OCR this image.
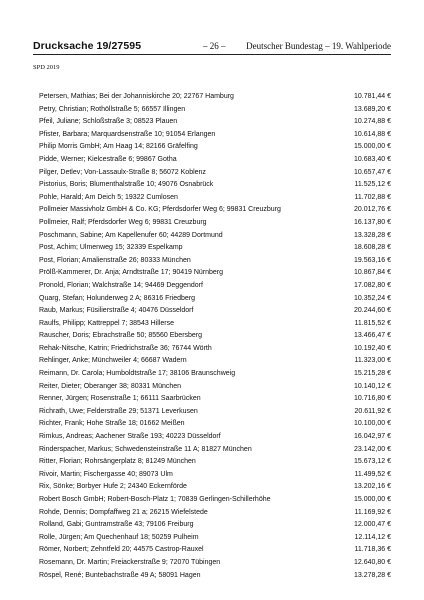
Drucksache 19/27595	– 26 – Deutscher Bundestag – 19. Wahlperiode
SPD 2019
Petersen, Mathias; Bei der Johanniskirche 20; 22767 Hamburg	10.781,44 €
Petry, Christian; Rothöllstraße 5; 66557 Illingen	13.689,20 €
Pfeil, Juliane; Schloßstraße 3; 08523 Plauen	10.274,88 €
Pfister, Barbara; Marquardsenstraße 10; 91054 Erlangen	10.614,88 €
Philip Morris GmbH; Am Haag 14; 82166 Gräfelfing	15.000,00 €
Pidde, Werner; Kielcestraße 6; 99867 Gotha	10.683,40 €
Pilger, Detlev; Von-Lassaulx-Straße 8; 56072 Koblenz	10.657,47 €
Pistorius, Boris; Blumenthalstraße 10; 49076 Osnabrück	11.525,12 €
Pohle, Harald; Am Deich 5; 19322 Cumlosen	11.702,88 €
Pollmeier Massivholz GmbH & Co. KG; Pferdsdorfer Weg 6; 99831 Creuzburg	20.012,76 €
Pollmeier, Ralf; Pferdsdorfer Weg 6; 99831 Creuzburg	16.137,80 €
Poschmann, Sabine; Am Kapellenufer 60; 44289 Dortmund	13.328,28 €
Post, Achim; Ulmenweg 15; 32339 Espelkamp	18.608,28 €
Post, Florian; Amalienstraße 26; 80333 München	19.563,16 €
Prölß-Kammerer, Dr. Anja; Arndtstraße 17; 90419 Nürnberg	10.867,84 €
Pronold, Florian; Walchstraße 14; 94469 Deggendorf	17.082,80 €
Quarg, Stefan; Holunderweg 2 A; 86316 Friedberg	10.352,24 €
Raub, Markus; Füsilierstraße 4; 40476 Düsseldorf	20.244,60 €
Raulfs, Philipp; Kattreppel 7; 38543 Hillerse	11.815,52 €
Rauscher, Doris; Ebrachstraße 50; 85560 Ebersberg	13.466,47 €
Rehak-Nitsche, Katrin; Friedrichstraße 36; 76744 Wörth	10.192,40 €
Rehlinger, Anke; Münchweiler 4; 66687 Wadern	11.323,00 €
Reimann, Dr. Carola; Humboldtstraße 17; 38106 Braunschweig	15.215,28 €
Reiter, Dieter; Oberanger 38; 80331 München	10.140,12 €
Renner, Jürgen; Rosenstraße 1; 66111 Saarbrücken	10.716,80 €
Richrath, Uwe; Felderstraße 29; 51371 Leverkusen	20.611,92 €
Richter, Frank; Hohe Straße 18; 01662 Meißen	10.100,00 €
Rimkus, Andreas; Aachener Straße 193; 40223 Düsseldorf	16.042,97 €
Rinderspacher, Markus; Schwedensteinstraße 11 A; 81827 München	23.142,00 €
Ritter, Florian; Rohrsängerplatz 8; 81249 München	15.673,12 €
Rivoir, Martin; Fischergasse 40; 89073 Ulm	11.499,52 €
Rix, Sönke; Borbyer Hufe 2; 24340 Eckernförde	13.202,16 €
Robert Bosch GmbH; Robert-Bosch-Platz 1; 70839 Gerlingen-Schillerhöhe	15.000,00 €
Rohde, Dennis; Dompfaffweg 21 a; 26215 Wiefelstede	11.169,92 €
Rolland, Gabi; Guntramstraße 43; 79106 Freiburg	12.000,47 €
Rolle, Jürgen; Am Quechenhauf 18; 50259 Pulheim	12.114,12 €
Römer, Norbert; Zehntfeld 20; 44575 Castrop-Rauxel	11.718,36 €
Rosemann, Dr. Martin; Freiackerstraße 9; 72070 Tübingen	12.640,80 €
Röspel, René; Buntebachstraße 49 A; 58091 Hagen	13.278,28 €
